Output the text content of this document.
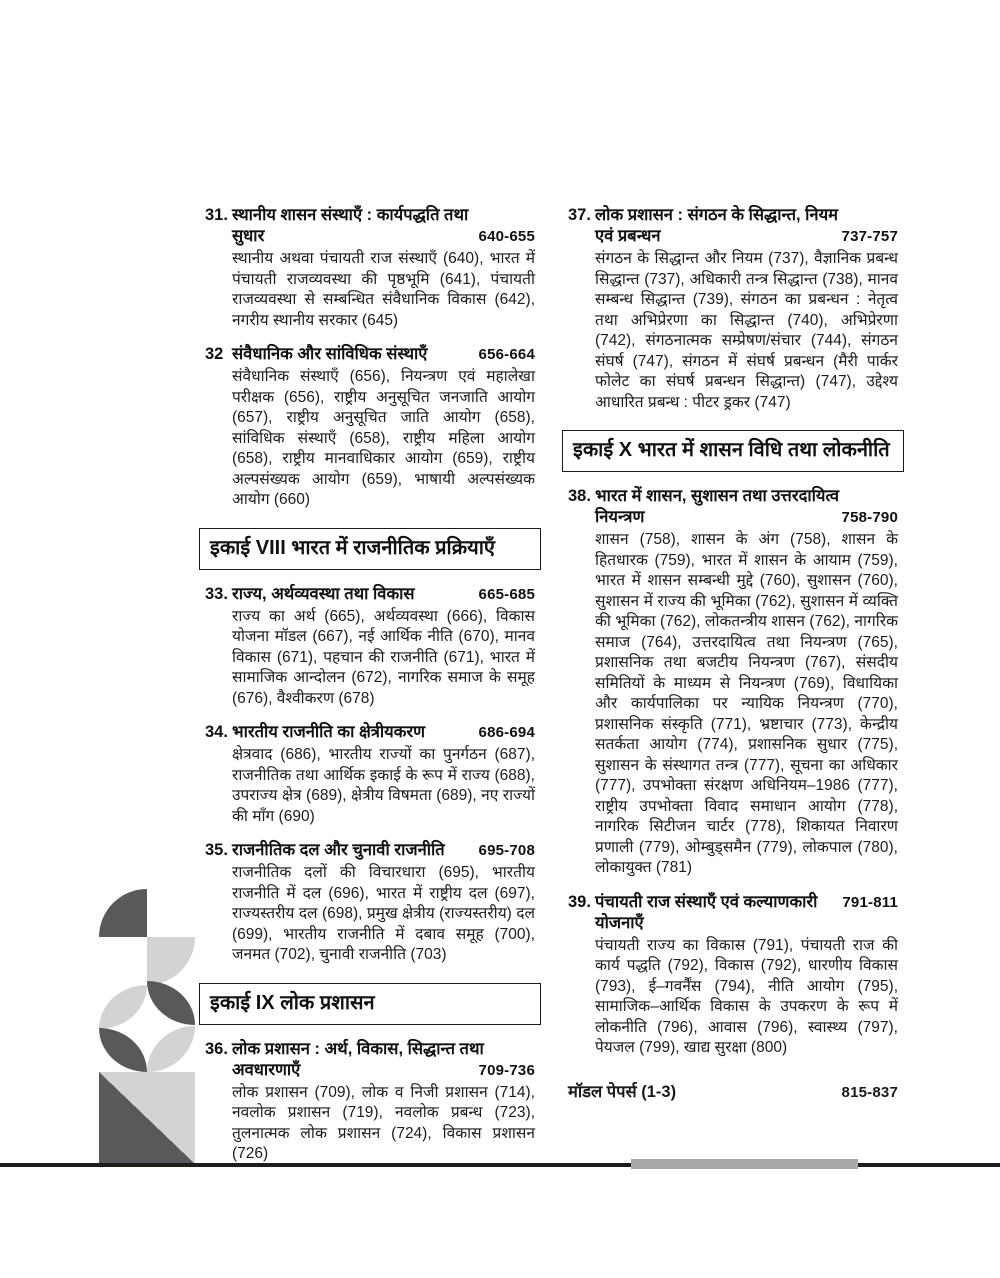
31. स्थानीय शासन संस्थाएँ : कार्यपद्धति तथा
सुधार	640-655
स्थानीय अथवा पंचायती राज संस्थाएँ (640), भारत में पंचायती राजव्यवस्था की पृष्ठभूमि (641), पंचायती राजव्यवस्था से सम्बन्धित संवैधानिक विकास (642), नगरीय स्थानीय सरकार (645)
32 संवैधानिक और सांविधिक संस्थाएँ	656-664
संवैधानिक संस्थाएँ (656), नियन्त्रण एवं महालेखा परीक्षक (656), राष्ट्रीय अनुसूचित जनजाति आयोग (657), राष्ट्रीय अनुसूचित जाति आयोग (658), सांविधिक संस्थाएँ (658), राष्ट्रीय महिला आयोग (658), राष्ट्रीय मानवाधिकार आयोग (659), राष्ट्रीय अल्पसंख्यक आयोग (659), भाषायी अल्पसंख्यक आयोग (660)
इकाई VIII भारत में राजनीतिक प्रक्रियाएँ
33. राज्य, अर्थव्यवस्था तथा विकास	665-685
राज्य का अर्थ (665), अर्थव्यवस्था (666), विकास योजना मॉडल (667), नई आर्थिक नीति (670), मानव विकास (671), पहचान की राजनीति (671), भारत में सामाजिक आन्दोलन (672), नागरिक समाज के समूह (676), वैश्वीकरण (678)
34. भारतीय राजनीति का क्षेत्रीयकरण	686-694
क्षेत्रवाद (686), भारतीय राज्यों का पुनर्गठन (687), राजनीतिक तथा आर्थिक इकाई के रूप में राज्य (688), उपराज्य क्षेत्र (689), क्षेत्रीय विषमता (689), नए राज्यों की माँग (690)
35. राजनीतिक दल और चुनावी राजनीति	695-708
राजनीतिक दलों की विचारधारा (695), भारतीय राजनीति में दल (696), भारत में राष्ट्रीय दल (697), राज्यस्तरीय दल (698), प्रमुख क्षेत्रीय (राज्यस्तरीय) दल (699), भारतीय राजनीति में दबाव समूह (700), जनमत (702), चुनावी राजनीति (703)
इकाई IX लोक प्रशासन
36. लोक प्रशासन : अर्थ, विकास, सिद्धान्त तथा
अवधारणाएँ	709-736
लोक प्रशासन (709), लोक व निजी प्रशासन (714), नवलोक प्रशासन (719), नवलोक प्रबन्ध (723), तुलनात्मक लोक प्रशासन (724), विकास प्रशासन (726)
37. लोक प्रशासन : संगठन के सिद्धान्त, नियम
एवं प्रबन्धन	737-757
संगठन के सिद्धान्त और नियम (737), वैज्ञानिक प्रबन्ध सिद्धान्त (737), अधिकारी तन्त्र सिद्धान्त (738), मानव सम्बन्ध सिद्धान्त (739), संगठन का प्रबन्धन : नेतृत्व तथा अभिप्रेरणा का सिद्धान्त (740), अभिप्रेरणा (742), संगठनात्मक सम्प्रेषण/संचार (744), संगठन संघर्ष (747), संगठन में संघर्ष प्रबन्धन (मैरी पार्कर फोलेट का संघर्ष प्रबन्धन सिद्धान्त) (747), उद्देश्य आधारित प्रबन्ध : पीटर ड्रकर (747)
इकाई X भारत में शासन विधि तथा लोकनीति
38. भारत में शासन, सुशासन तथा उत्तरदायित्व
नियन्त्रण	758-790
शासन (758), शासन के अंग (758), शासन के हितधारक (759), भारत में शासन के आयाम (759), भारत में शासन सम्बन्धी मुद्दे (760), सुशासन (760), सुशासन में राज्य की भूमिका (762), सुशासन में व्यक्ति की भूमिका (762), लोकतन्त्रीय शासन (762), नागरिक समाज (764), उत्तरदायित्व तथा नियन्त्रण (765), प्रशासनिक तथा बजटीय नियन्त्रण (767), संसदीय समितियों के माध्यम से नियन्त्रण (769), विधायिका और कार्यपालिका पर न्यायिक नियन्त्रण (770), प्रशासनिक संस्कृति (771), भ्रष्टाचार (773), केन्द्रीय सतर्कता आयोग (774), प्रशासनिक सुधार (775), सुशासन के संस्थागत तन्त्र (777), सूचना का अधिकार (777), उपभोक्ता संरक्षण अधिनियम–1986 (777), राष्ट्रीय उपभोक्ता विवाद समाधान आयोग (778), नागरिक सिटीजन चार्टर (778), शिकायत निवारण प्रणाली (779), ओम्बुड्समैन (779), लोकपाल (780), लोकायुक्त (781)
39. पंचायती राज संस्थाएँ एवं कल्याणकारी योजनाएँ
791-811
पंचायती राज्य का विकास (791), पंचायती राज की कार्य पद्धति (792), विकास (792), धारणीय विकास (793), ई–गवर्नैंस (794), नीति आयोग (795), सामाजिक–आर्थिक विकास के उपकरण के रूप में लोकनीति (796), आवास (796), स्वास्थ्य (797), पेयजल (799), खाद्य सुरक्षा (800)
मॉडल पेपर्स (1-3)	815-837
